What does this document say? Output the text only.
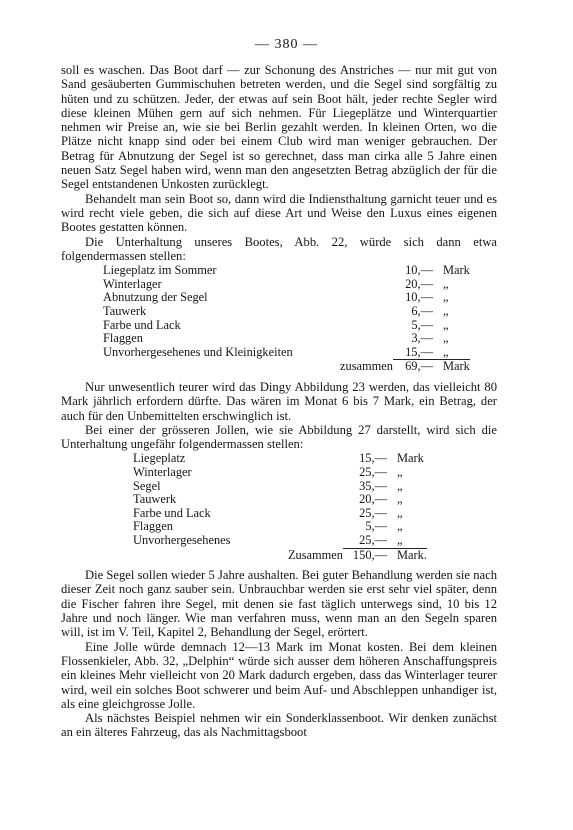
— 380 —

soll es waschen. Das Boot darf — zur Schonung des Anstriches — nur mit gut von Sand gesäuberten Gummischuhen betreten werden, und die Segel sind sorgfältig zu hüten und zu schützen. Jeder, der etwas auf sein Boot hält, jeder rechte Segler wird diese kleinen Mühen gern auf sich nehmen. Für Liegeplätze und Winterquartier nehmen wir Preise an, wie sie bei Berlin gezahlt werden. In kleinen Orten, wo die Plätze nicht knapp sind oder bei einem Club wird man weniger gebrauchen. Der Betrag für Abnutzung der Segel ist so gerechnet, dass man cirka alle 5 Jahre einen neuen Satz Segel haben wird, wenn man den angesetzten Betrag abzüglich der für die Segel entstandenen Unkosten zurücklegt.

Behandelt man sein Boot so, dann wird die Indiensthaltung garnicht teuer und es wird recht viele geben, die sich auf diese Art und Weise den Luxus eines eigenen Bootes gestatten können.

Die Unterhaltung unseres Bootes, Abb. 22, würde sich dann etwa folgendermassen stellen:

Liegeplatz im Sommer	10,—	Mark
Winterlager	20,—	„
Abnutzung der Segel	10,—	„
Tauwerk	6,—	„
Farbe und Lack	5,—	„
Flaggen	3,—	„
Unvorhergesehenes und Kleinigkeiten	15,—	„
zusammen	69,—	Mark

Nur unwesentlich teurer wird das Dingy Abbildung 23 werden, das vielleicht 80 Mark jährlich erfordern dürfte. Das wären im Monat 6 bis 7 Mark, ein Betrag, der auch für den Unbemittelten erschwinglich ist.

Bei einer der grösseren Jollen, wie sie Abbildung 27 darstellt, wird sich die Unterhaltung ungefähr folgendermassen stellen:

Liegeplatz	15,—	Mark
Winterlager	25,—	„
Segel	35,—	„
Tauwerk	20,—	„
Farbe und Lack	25,—	„
Flaggen	5,—	„
Unvorhergesehenes	25,—	„
Zusammen	150,—	Mark.

Die Segel sollen wieder 5 Jahre aushalten. Bei guter Behandlung werden sie nach dieser Zeit noch ganz sauber sein. Unbrauchbar werden sie erst sehr viel später, denn die Fischer fahren ihre Segel, mit denen sie fast täglich unterwegs sind, 10 bis 12 Jahre und noch länger. Wie man verfahren muss, wenn man an den Segeln sparen will, ist im V. Teil, Kapitel 2, Behandlung der Segel, erörtert.

Eine Jolle würde demnach 12—13 Mark im Monat kosten. Bei dem kleinen Flossenkieler, Abb. 32, „Delphin“ würde sich ausser dem höheren Anschaffungspreis ein kleines Mehr vielleicht von 20 Mark dadurch ergeben, dass das Winterlager teurer wird, weil ein solches Boot schwerer und beim Auf- und Abschleppen unhandiger ist, als eine gleichgrosse Jolle.

Als nächstes Beispiel nehmen wir ein Sonderklassenboot. Wir denken zunächst an ein älteres Fahrzeug, das als Nachmittagsboot
